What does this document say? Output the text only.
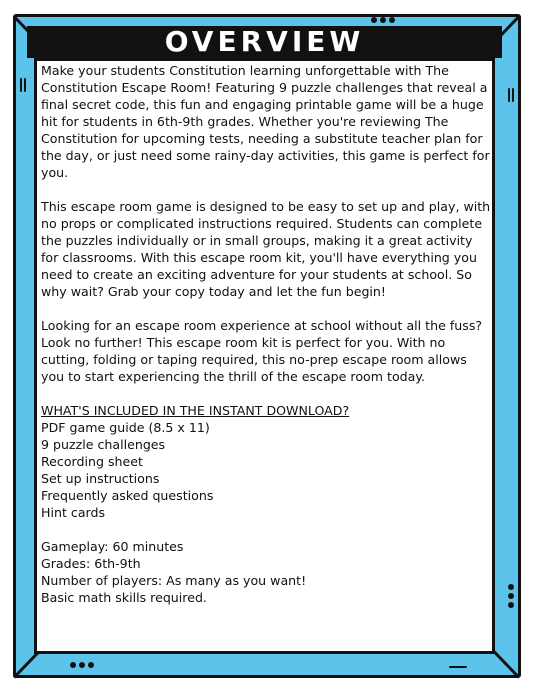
OVERVIEW

Make your students Constitution learning unforgettable with The Constitution Escape Room! Featuring 9 puzzle challenges that reveal a final secret code, this fun and engaging printable game will be a huge hit for students in 6th-9th grades. Whether you're reviewing The Constitution for upcoming tests, needing a substitute teacher plan for the day, or just need some rainy-day activities, this game is perfect for you.

This escape room game is designed to be easy to set up and play, with no props or complicated instructions required. Students can complete the puzzles individually or in small groups, making it a great activity for classrooms. With this escape room kit, you'll have everything you need to create an exciting adventure for your students at school. So why wait? Grab your copy today and let the fun begin!

Looking for an escape room experience at school without all the fuss? Look no further! This escape room kit is perfect for you. With no cutting, folding or taping required, this no-prep escape room allows you to start experiencing the thrill of the escape room today.

WHAT'S INCLUDED IN THE INSTANT DOWNLOAD?

PDF game guide (8.5 x 11)
9 puzzle challenges
Recording sheet
Set up instructions
Frequently asked questions
Hint cards

Gameplay: 60 minutes

Grades: 6th-9th

Number of players: As many as you want!

Basic math skills required.
